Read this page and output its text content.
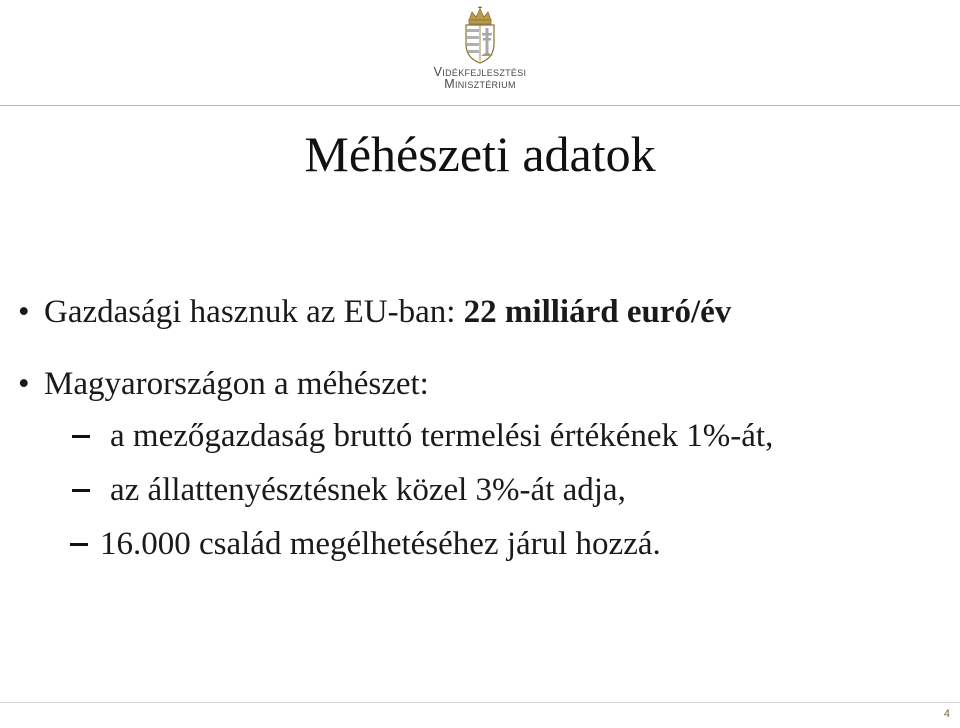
Vidékfejlesztési
Minisztérium
Méhészeti adatok
• Gazdasági hasznuk az EU-ban: 22 milliárd euró/év
• Magyarországon a méhészet:
a mezőgazdaság bruttó termelési értékének 1%-át,
az állattenyésztésnek közel 3%-át adja,
16.000 család megélhetéséhez járul hozzá.
4
